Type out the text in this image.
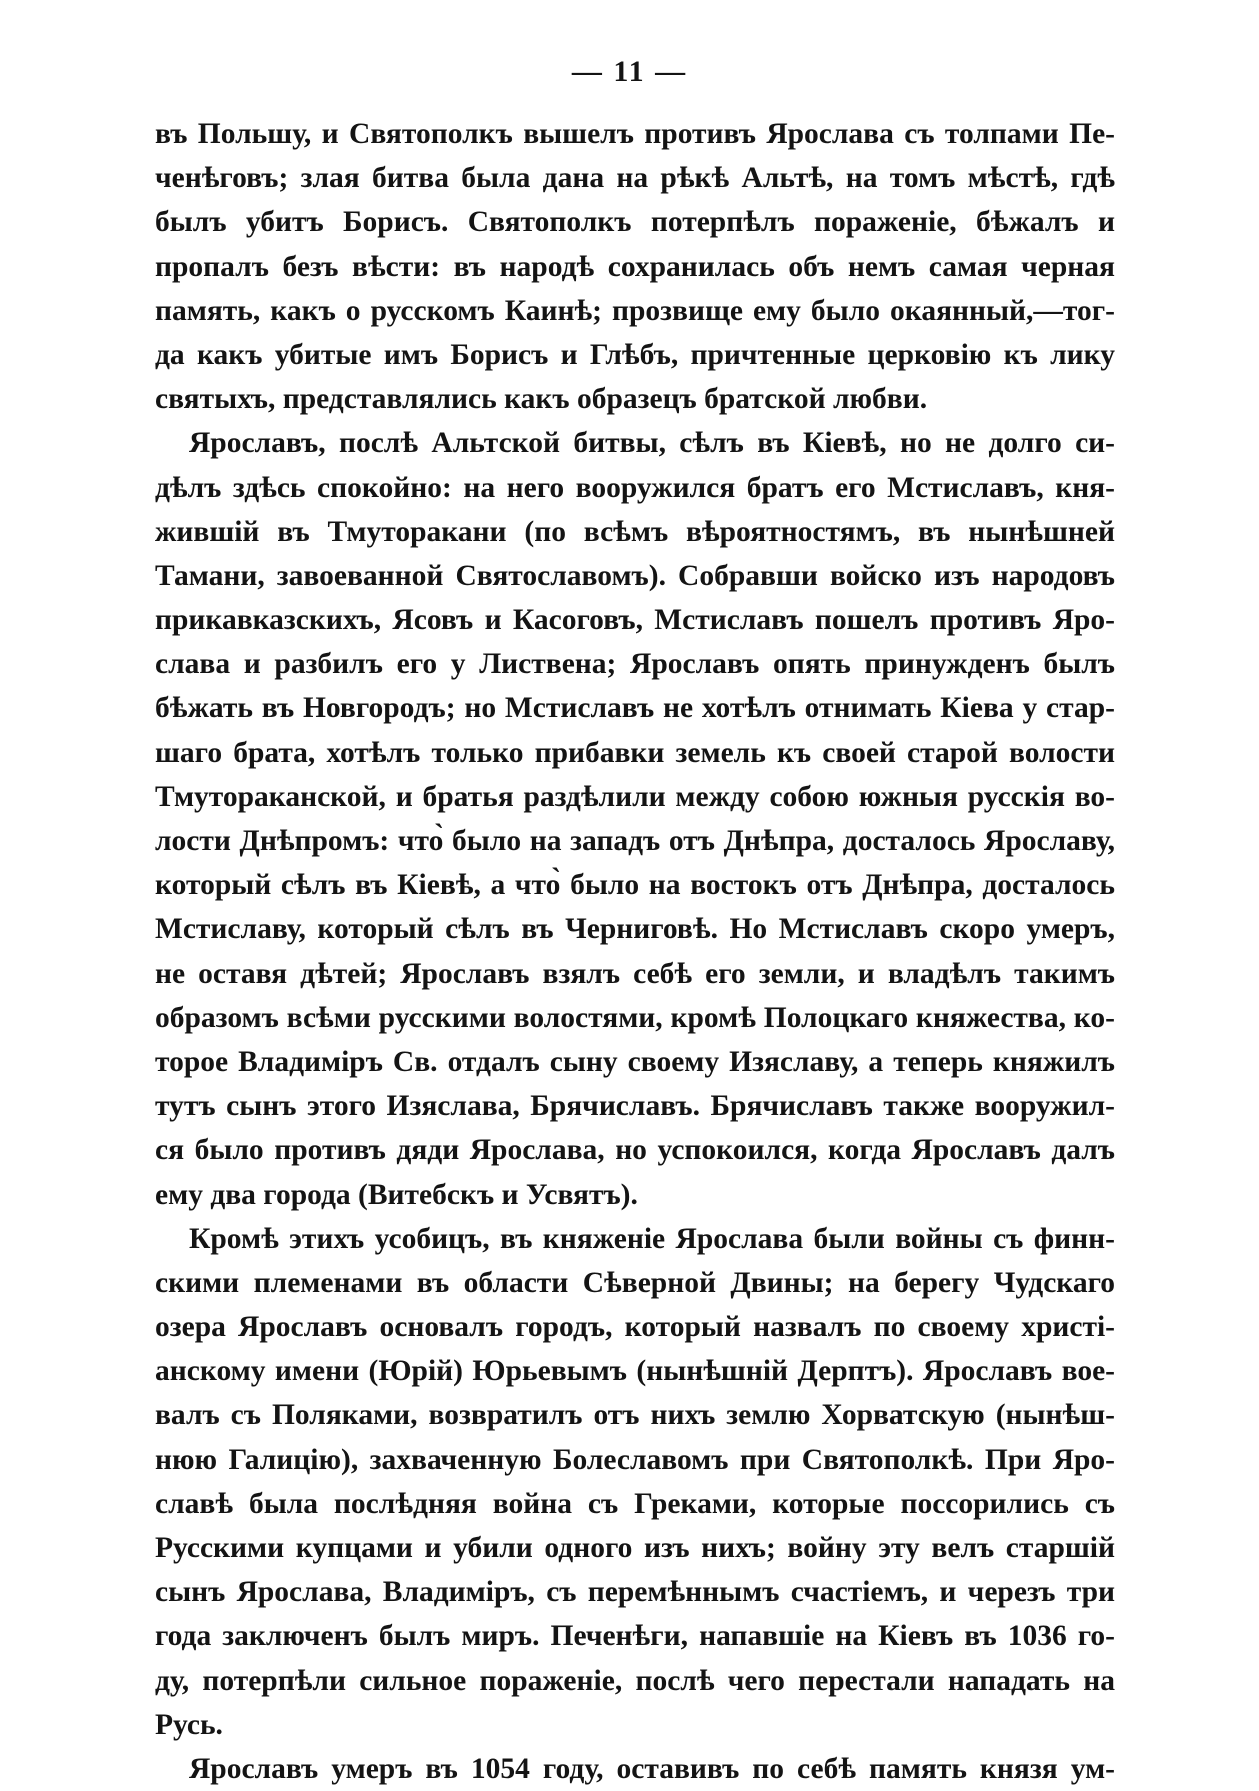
— 11 —
въ Польшу, и Святополкъ вышелъ противъ Ярослава съ толпами Пе-
ченѣговъ; злая битва была дана на рѣкѣ Альтѣ, на томъ мѣстѣ, гдѣ
былъ убитъ Борисъ. Святополкъ потерпѣлъ пораженіе, бѣжалъ и
пропалъ безъ вѣсти: въ народѣ сохранилась объ немъ самая черная
память, какъ о русскомъ Каинѣ; прозвище ему было окаянный,—тог-
да какъ убитые имъ Борисъ и Глѣбъ, причтенные церковію къ лику
святыхъ, представлялись какъ образецъ братской любви.
Ярославъ, послѣ Альтской битвы, сѣлъ въ Кіевѣ, но не долго си-
дѣлъ здѣсь спокойно: на него вооружился братъ его Мстиславъ, кня-
жившій въ Тмуторакани (по всѣмъ вѣроятностямъ, въ нынѣшней
Тамани, завоеванной Святославомъ). Собравши войско изъ народовъ
прикавказскихъ, Ясовъ и Касоговъ, Мстиславъ пошелъ противъ Яро-
слава и разбилъ его у Листвена; Ярославъ опять принужденъ былъ
бѣжать въ Новгородъ; но Мстиславъ не хотѣлъ отнимать Кіева у стар-
шаго брата, хотѣлъ только прибавки земель къ своей старой волости
Тмутораканской, и братья раздѣлили между собою южныя русскія во-
лости Днѣпромъ: что̀ было на западъ отъ Днѣпра, досталось Ярославу,
который сѣлъ въ Кіевѣ, а что̀ было на востокъ отъ Днѣпра, досталось
Мстиславу, который сѣлъ въ Черниговѣ. Но Мстиславъ скоро умеръ,
не оставя дѣтей; Ярославъ взялъ себѣ его земли, и владѣлъ такимъ
образомъ всѣми русскими волостями, кромѣ Полоцкаго княжества, ко-
торое Владиміръ Св. отдалъ сыну своему Изяславу, а теперь княжилъ
тутъ сынъ этого Изяслава, Брячиславъ. Брячиславъ также вооружил-
ся было противъ дяди Ярослава, но успокоился, когда Ярославъ далъ
ему два города (Витебскъ и Усвятъ).
Кромѣ этихъ усобицъ, въ княженіе Ярослава были войны съ финн-
скими племенами въ области Сѣверной Двины; на берегу Чудскаго
озера Ярославъ основалъ городъ, который назвалъ по своему христі-
анскому имени (Юрій) Юрьевымъ (нынѣшній Дерптъ). Ярославъ вое-
валъ съ Поляками, возвратилъ отъ нихъ землю Хорватскую (нынѣш-
нюю Галицію), захваченную Болеславомъ при Святополкѣ. При Яро-
славѣ была послѣдняя война съ Греками, которые поссорились съ
Русскими купцами и убили одного изъ нихъ; войну эту велъ старшій
сынъ Ярослава, Владиміръ, съ перемѣннымъ счастіемъ, и черезъ три
года заключенъ былъ миръ. Печенѣги, напавшіе на Кіевъ въ 1036 го-
ду, потерпѣли сильное пораженіе, послѣ чего перестали нападать на
Русь.
Ярославъ умеръ въ 1054 году, оставивъ по себѣ память князя ум-
